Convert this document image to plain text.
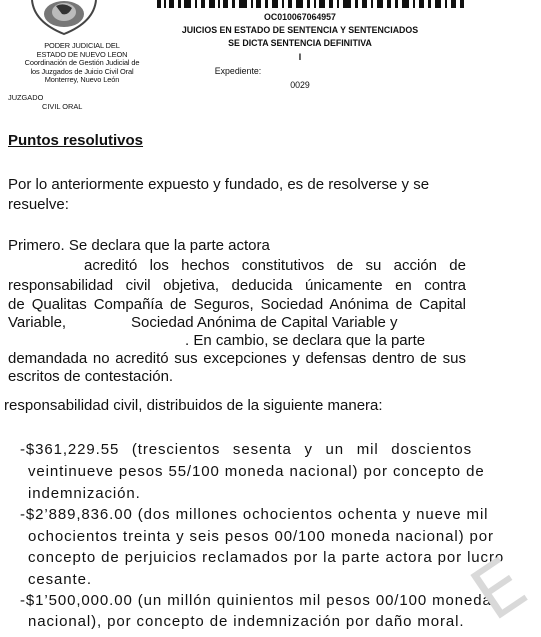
PODER JUDICIAL DEL
ESTADO DE NUEVO LEON
Coordinación de Gestión Judicial de
los Juzgados de Juicio Civil Oral
Monterrey, Nuevo León
JUZGADO
CIVIL ORAL
OC010067064957
JUICIOS EN ESTADO DE SENTENCIA Y SENTENCIADOS
SE DICTA SENTENCIA DEFINITIVA
I
Expediente:
0029
Puntos resolutivos
Por lo anteriormente expuesto y fundado, es de resolverse y se
resuelve:
Primero. Se declara que la parte actora
acreditó los hechos constitutivos de su acción de
responsabilidad civil objetiva, deducida únicamente en contra
de Qualitas Compañía de Seguros, Sociedad Anónima de Capital
Variable,	Sociedad Anónima de Capital Variable y
. En cambio, se declara que la parte
demandada no acreditó sus excepciones y defensas dentro de sus
escritos de contestación.
responsabilidad civil, distribuidos de la siguiente manera:
-$361,229.55 (trescientos sesenta y un mil doscientos
veintinueve pesos 55/100 moneda nacional) por concepto de
indemnización.
-$2’889,836.00 (dos millones ochocientos ochenta y nueve mil
ochocientos treinta y seis pesos 00/100 moneda nacional) por
concepto de perjuicios reclamados por la parte actora por lucro
cesante.
-$1’500,000.00 (un millón quinientos mil pesos 00/100 moneda
nacional), por concepto de indemnización por daño moral.
E
